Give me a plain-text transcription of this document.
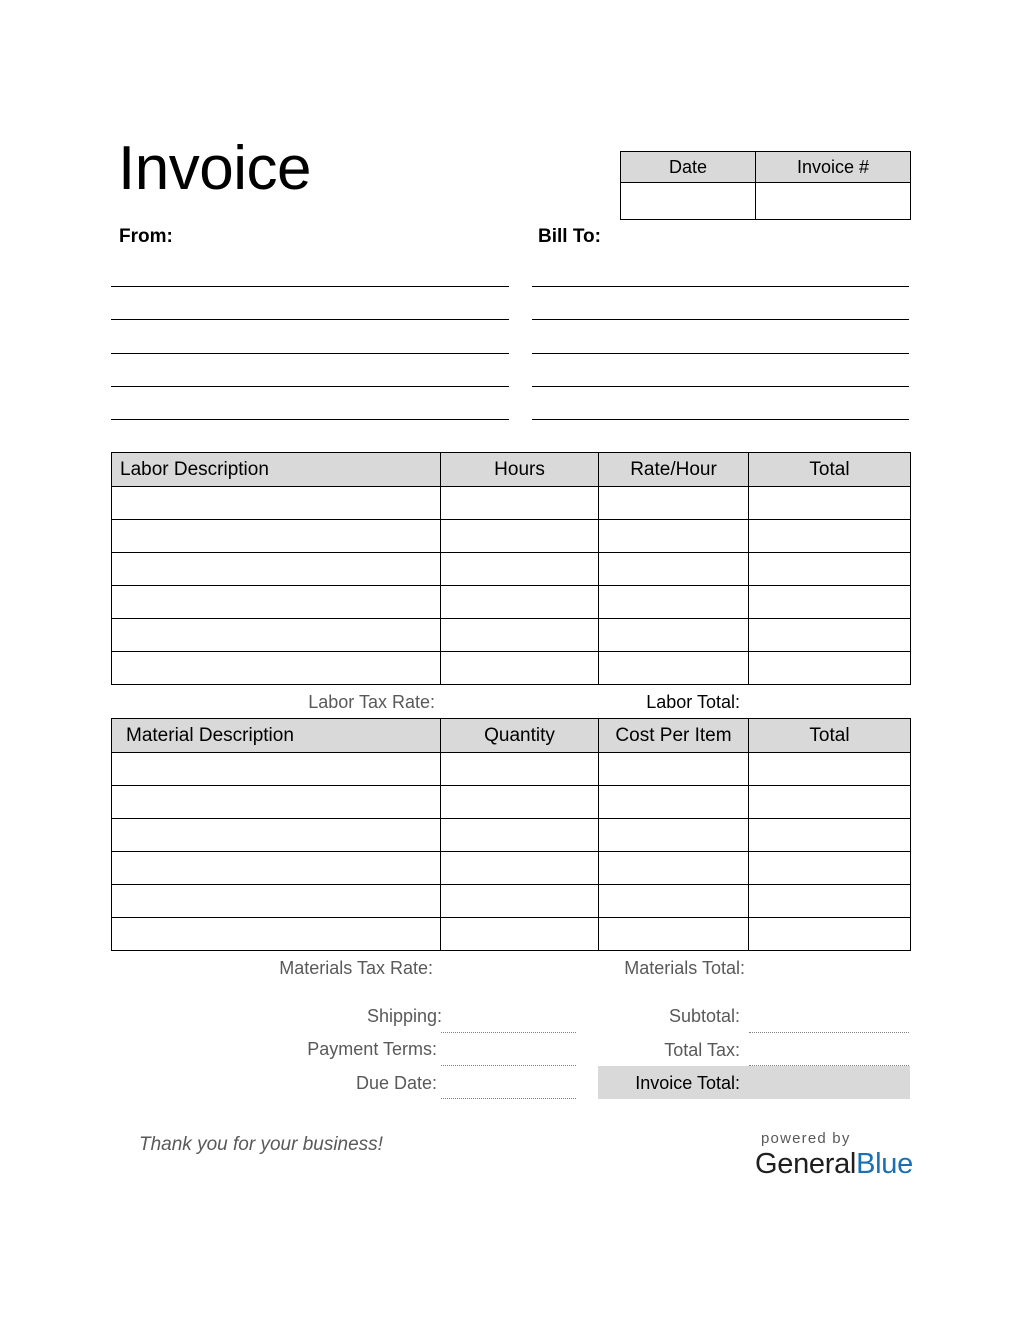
Invoice	Date	Invoice #

From:	Bill To:
Labor Description	Hours	Rate/Hour	Total

Labor Tax Rate:	Labor Total:
Material Description	Quantity	Cost Per Item	Total

Materials Tax Rate:	Materials Total:
Shipping:
Payment Terms:
Due Date:
Subtotal:
Total Tax:
Invoice Total:
Thank you for your business!	powered by
GeneralBlue
